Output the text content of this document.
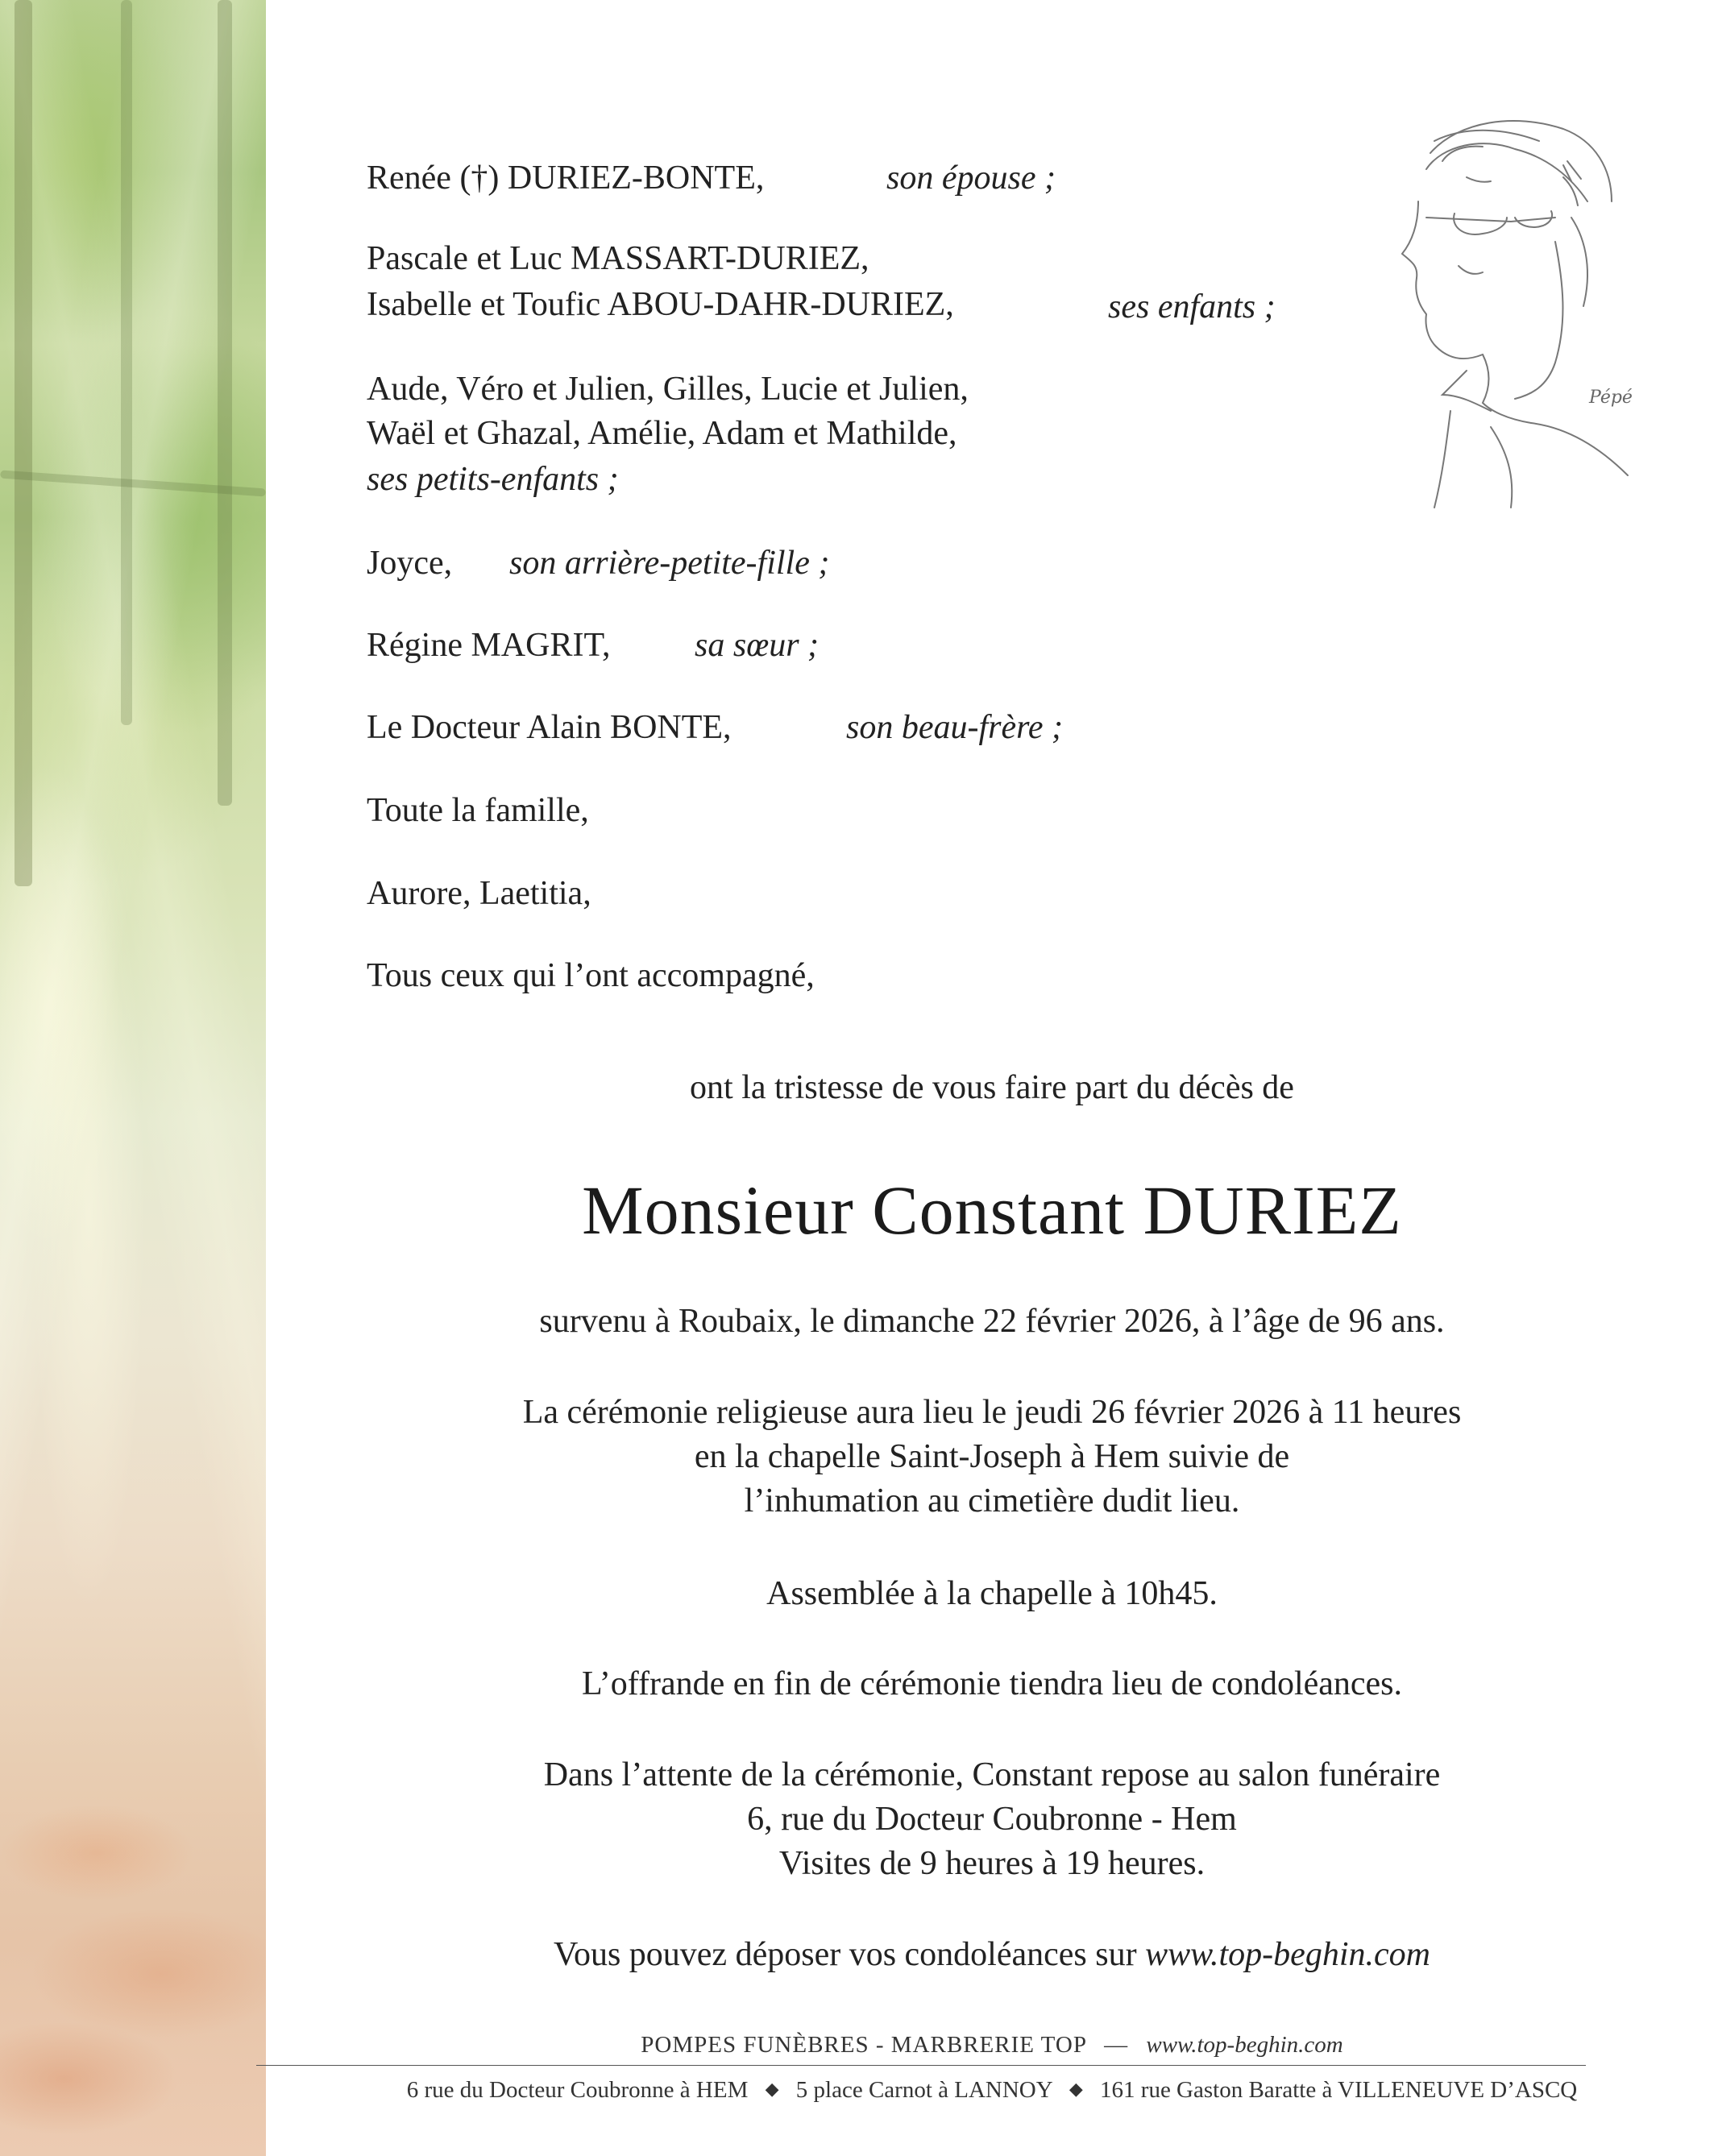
Pépé
Renée (†) DURIEZ-BONTE,	son épouse ;
Pascale et Luc MASSART-DURIEZ,
Isabelle et Toufic ABOU-DAHR-DURIEZ,	ses enfants ;
Aude, Véro et Julien, Gilles, Lucie et Julien,
Waël et Ghazal, Amélie, Adam et Mathilde,
ses petits-enfants ;
Joyce, son arrière-petite-fille ;
Régine MAGRIT, sa sœur ;
Le Docteur Alain BONTE,	son beau-frère ;
Toute la famille,
Aurore, Laetitia,
Tous ceux qui l’ont accompagné,
ont la tristesse de vous faire part du décès de
Monsieur Constant DURIEZ
survenu à Roubaix, le dimanche 22 février 2026, à l’âge de 96 ans.
La cérémonie religieuse aura lieu le jeudi 26 février 2026 à 11 heures
en la chapelle Saint-Joseph à Hem suivie de
l’inhumation au cimetière dudit lieu.
Assemblée à la chapelle à 10h45.
L’offrande en fin de cérémonie tiendra lieu de condoléances.
Dans l’attente de la cérémonie, Constant repose au salon funéraire
6, rue du Docteur Coubronne - Hem
Visites de 9 heures à 19 heures.
Vous pouvez déposer vos condoléances sur www.top-beghin.com
POMPES FUNÈBRES - MARBRERIE TOP — www.top-beghin.com
6 rue du Docteur Coubronne à HEM ◆ 5 place Carnot à LANNOY ◆ 161 rue Gaston Baratte à VILLENEUVE D’ASCQ
